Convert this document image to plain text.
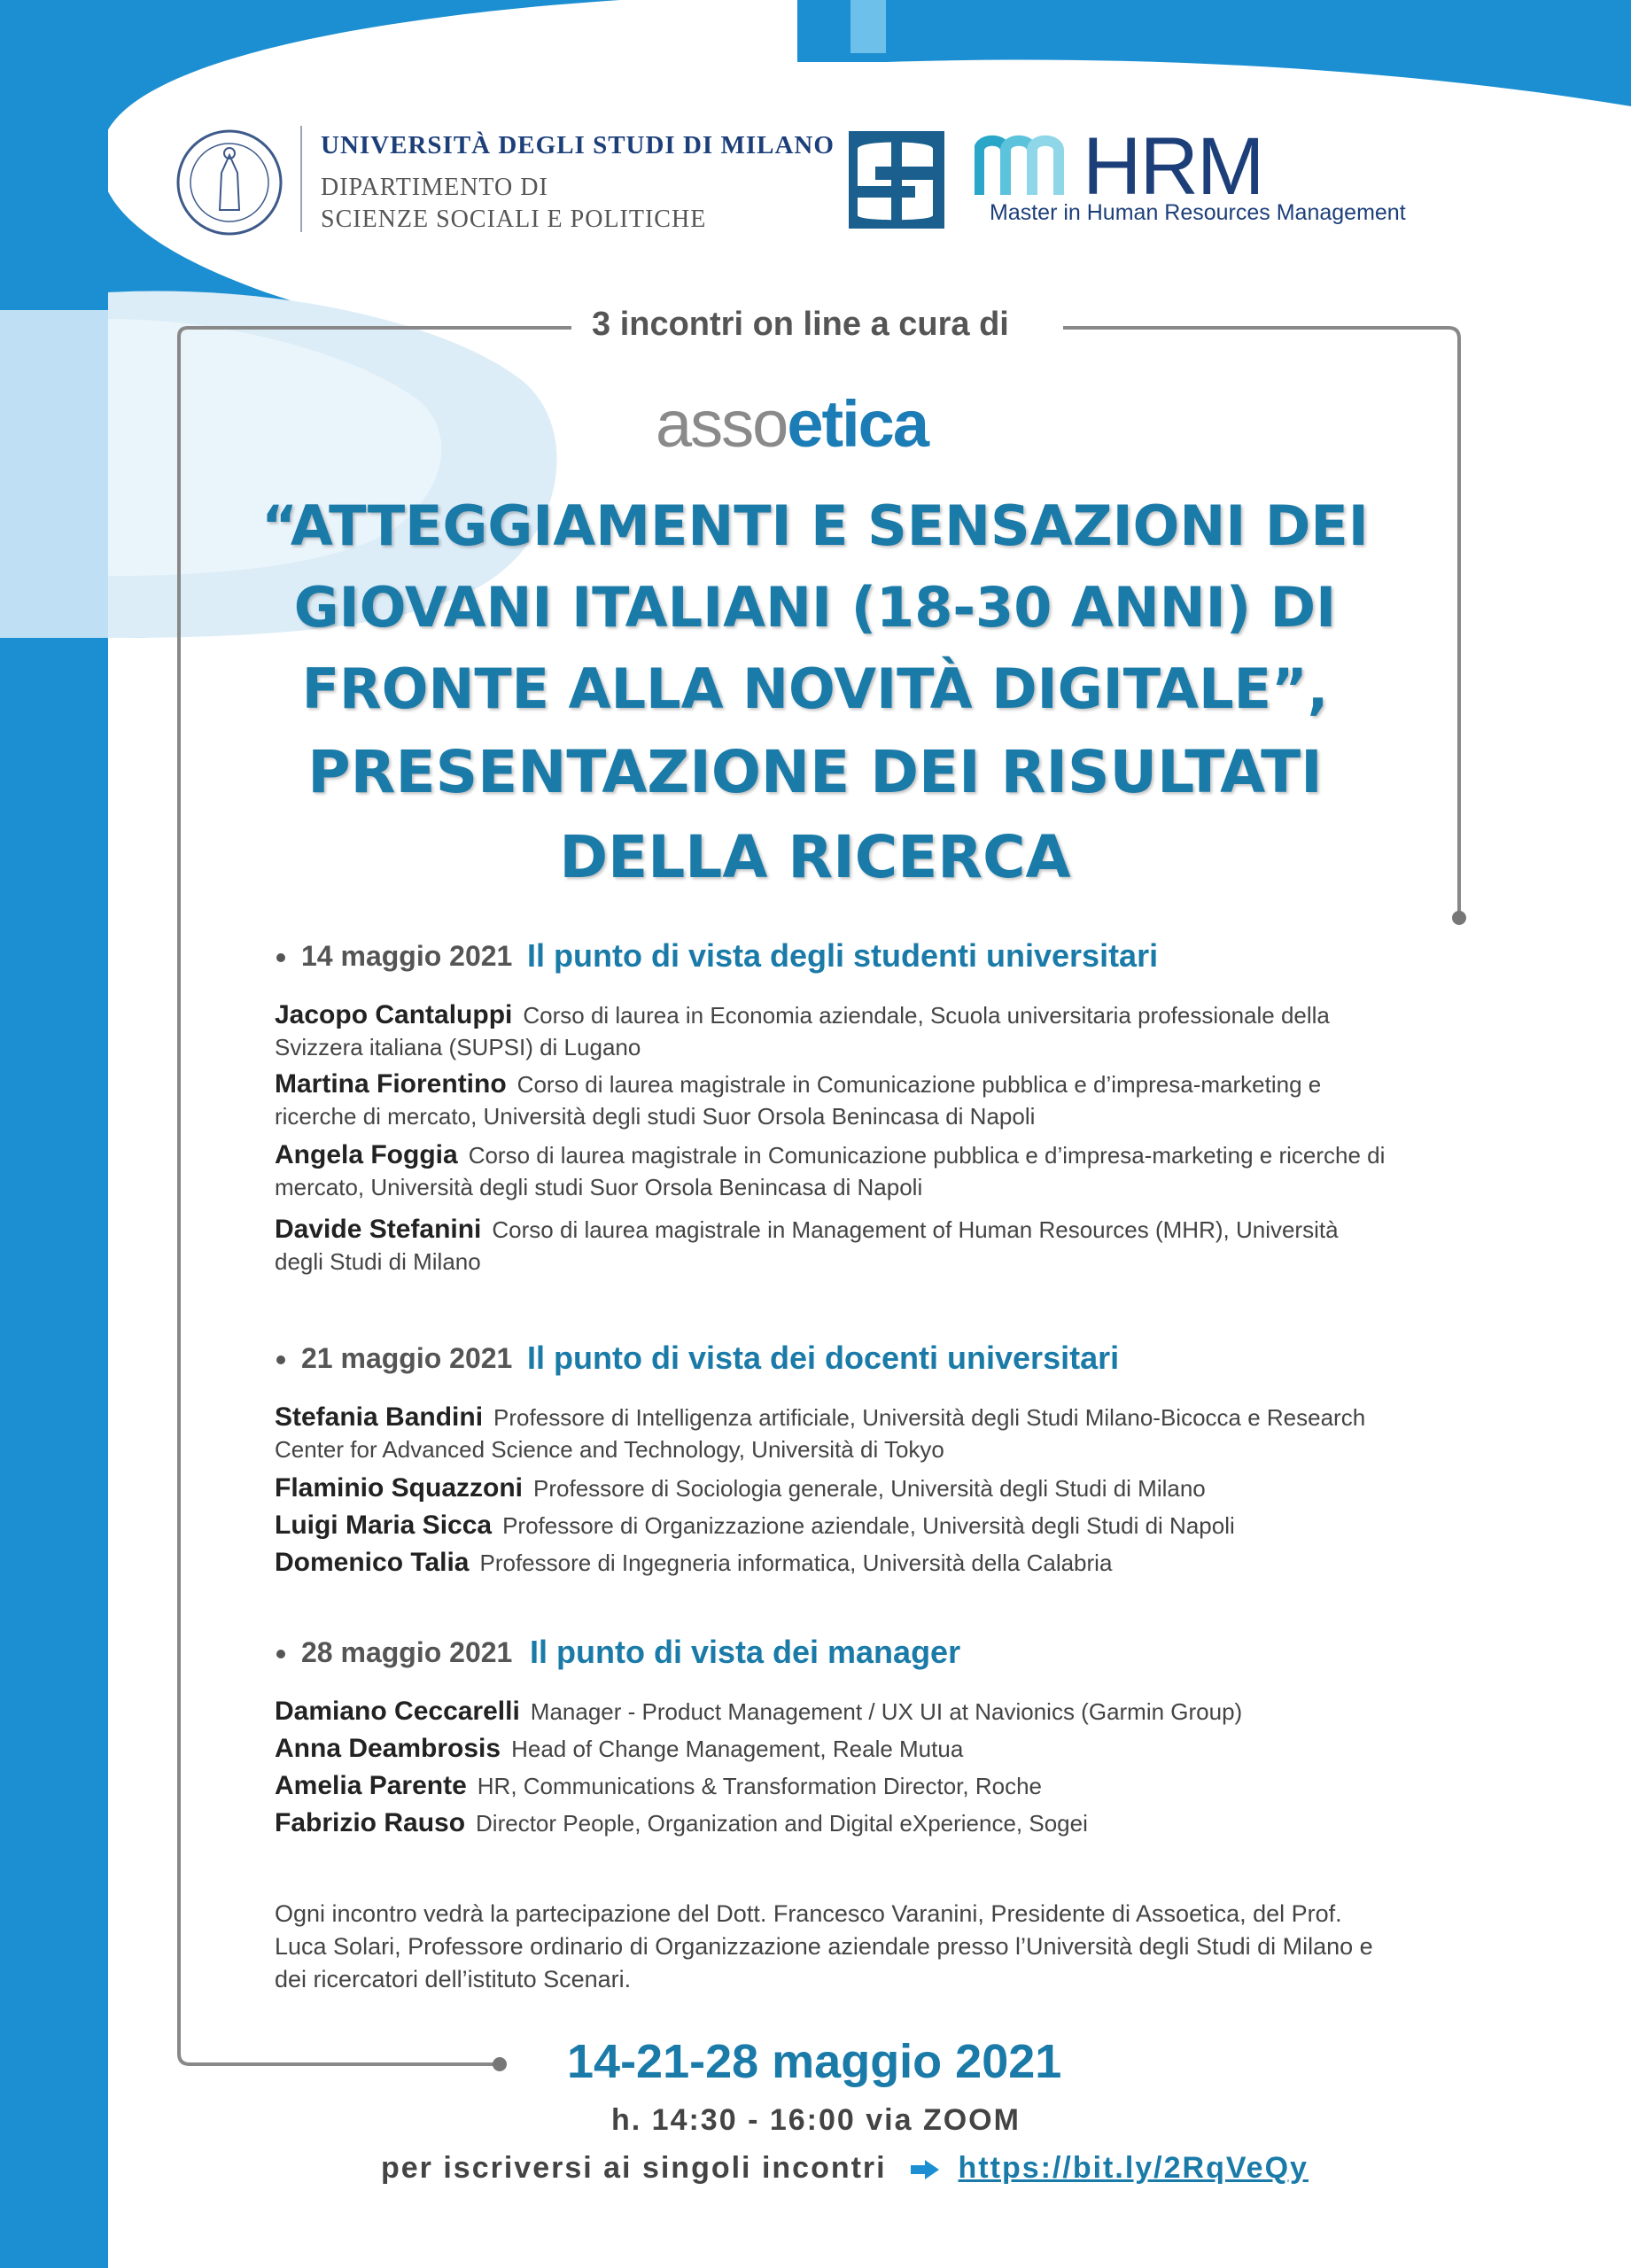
UNIVERSITÀ DEGLI STUDI DI MILANO
DIPARTIMENTO DI
SCIENZE SOCIALI E POLITICHE
HRM
Master in Human Resources Management
3 incontri on line a cura di
assoetica
“ATTEGGIAMENTI E SENSAZIONI DEI
GIOVANI ITALIANI (18-30 ANNI) DI
FRONTE ALLA NOVITÀ DIGITALE”,
PRESENTAZIONE DEI RISULTATI
DELLA RICERCA
14 maggio 2021 Il punto di vista degli studenti universitari
Jacopo Cantaluppi Corso di laurea in Economia aziendale, Scuola universitaria professionale della Svizzera italiana (SUPSI) di Lugano
Martina Fiorentino Corso di laurea magistrale in Comunicazione pubblica e d’impresa-marketing e ricerche di mercato, Università degli studi Suor Orsola Benincasa di Napoli
Angela Foggia Corso di laurea magistrale in Comunicazione pubblica e d’impresa-marketing e ricerche di mercato, Università degli studi Suor Orsola Benincasa di Napoli
Davide Stefanini Corso di laurea magistrale in Management of Human Resources (MHR), Università degli Studi di Milano
21 maggio 2021 Il punto di vista dei docenti universitari
Stefania Bandini Professore di Intelligenza artificiale, Università degli Studi Milano-Bicocca e Research Center for Advanced Science and Technology, Università di Tokyo
Flaminio Squazzoni Professore di Sociologia generale, Università degli Studi di Milano
Luigi Maria Sicca Professore di Organizzazione aziendale, Università degli Studi di Napoli
Domenico Talia Professore di Ingegneria informatica, Università della Calabria
28 maggio 2021 Il punto di vista dei manager
Damiano Ceccarelli Manager - Product Management / UX UI at Navionics (Garmin Group)
Anna Deambrosis Head of Change Management, Reale Mutua
Amelia Parente HR, Communications & Transformation Director, Roche
Fabrizio Rauso Director People, Organization and Digital eXperience, Sogei
Ogni incontro vedrà la partecipazione del Dott. Francesco Varanini, Presidente di Assoetica, del Prof. Luca Solari, Professore ordinario di Organizzazione aziendale presso l’Università degli Studi di Milano e dei ricercatori dell’istituto Scenari.
14-21-28 maggio 2021
h. 14:30 - 16:00 via ZOOM
per iscriversi ai singoli incontri https://bit.ly/2RqVeQy
